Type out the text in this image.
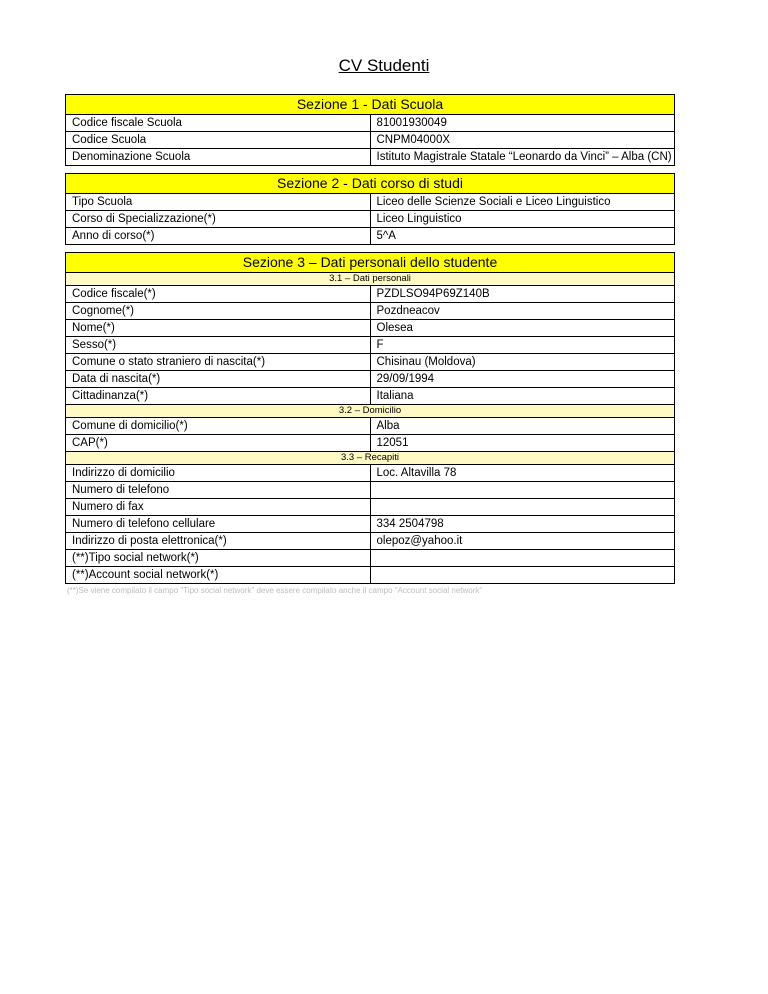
CV Studenti
Sezione 1 - Dati Scuola	
Codice fiscale Scuola	81001930049
Codice Scuola	CNPM04000X
Denominazione Scuola	Istituto Magistrale Statale “Leonardo da Vinci” – Alba (CN)
Sezione 2 - Dati corso di studi	
Tipo Scuola	Liceo delle Scienze Sociali e Liceo Linguistico
Corso di Specializzazione(*)	Liceo Linguistico
Anno di corso(*)	5^A
Sezione 3 – Dati personali dello studente	
3.1 – Dati personali	
Codice fiscale(*)	PZDLSO94P69Z140B
Cognome(*)	Pozdneacov
Nome(*)	Olesea
Sesso(*)	F
Comune o stato straniero di nascita(*)	Chisinau (Moldova)
Data di nascita(*)	29/09/1994
Cittadinanza(*)	Italiana
3.2 – Domicilio	
Comune di domicilio(*)	Alba
CAP(*)	12051
3.3 – Recapiti	
Indirizzo di domicilio	Loc. Altavilla 78
Numero di telefono	
Numero di fax	
Numero di telefono cellulare	334 2504798
Indirizzo di posta elettronica(*)	olepoz@yahoo.it
(**)Tipo social network(*)	
(**)Account social network(*)	
(**)Se viene compilato il campo "Tipo social network" deve essere compilato anche il campo "Account social network"
